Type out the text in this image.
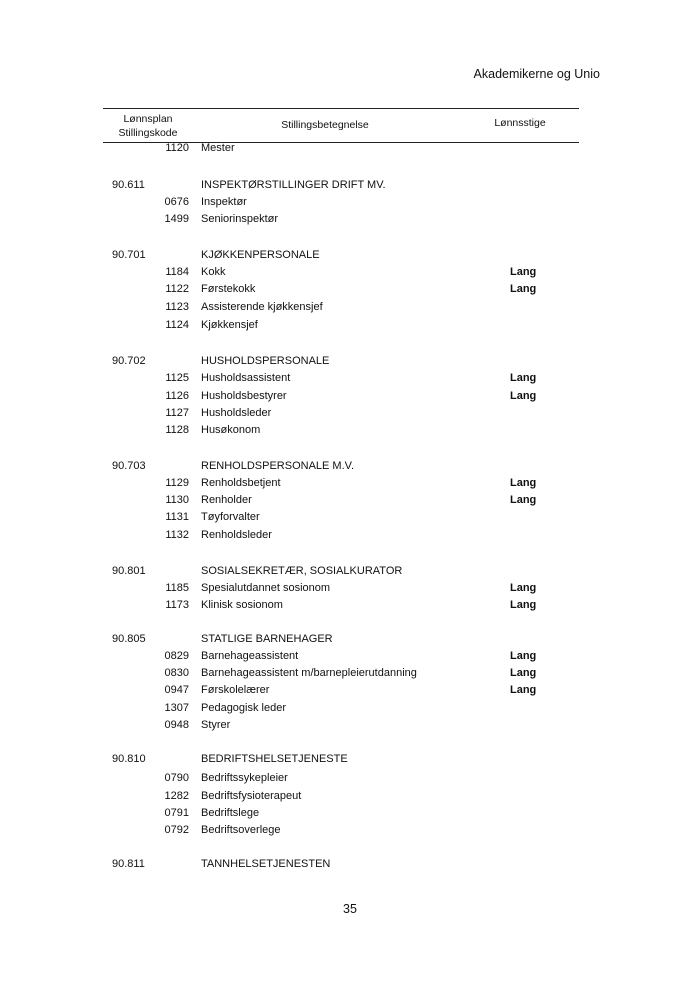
Akademikerne og Unio
Lønnsplan
Stillingskode
Stillingsbetegnelse	Lønnsstige
1120 Mester
90.611	INSPEKTØRSTILLINGER DRIFT MV.
0676 Inspektør
1499 Seniorinspektør
90.701	KJØKKENPERSONALE
1184 Kokk	Lang
1122 Førstekokk	Lang
1123 Assisterende kjøkkensjef
1124 Kjøkkensjef
90.702	HUSHOLDSPERSONALE
1125 Husholdsassistent	Lang
1126 Husholdsbestyrer	Lang
1127 Husholdsleder
1128 Husøkonom
90.703	RENHOLDSPERSONALE M.V.
1129 Renholdsbetjent	Lang
1130 Renholder	Lang
1131 Tøyforvalter
1132 Renholdsleder
90.801	SOSIALSEKRETÆR, SOSIALKURATOR
1185 Spesialutdannet sosionom	Lang
1173 Klinisk sosionom	Lang
90.805	STATLIGE BARNEHAGER
0829 Barnehageassistent	Lang
0830 Barnehageassistent m/barnepleierutdanning	Lang
0947 Førskolelærer	Lang
1307 Pedagogisk leder
0948 Styrer
90.810	BEDRIFTSHELSETJENESTE
0790 Bedriftssykepleier
1282 Bedriftsfysioterapeut
0791 Bedriftslege
0792 Bedriftsoverlege
90.811	TANNHELSETJENESTEN
35
